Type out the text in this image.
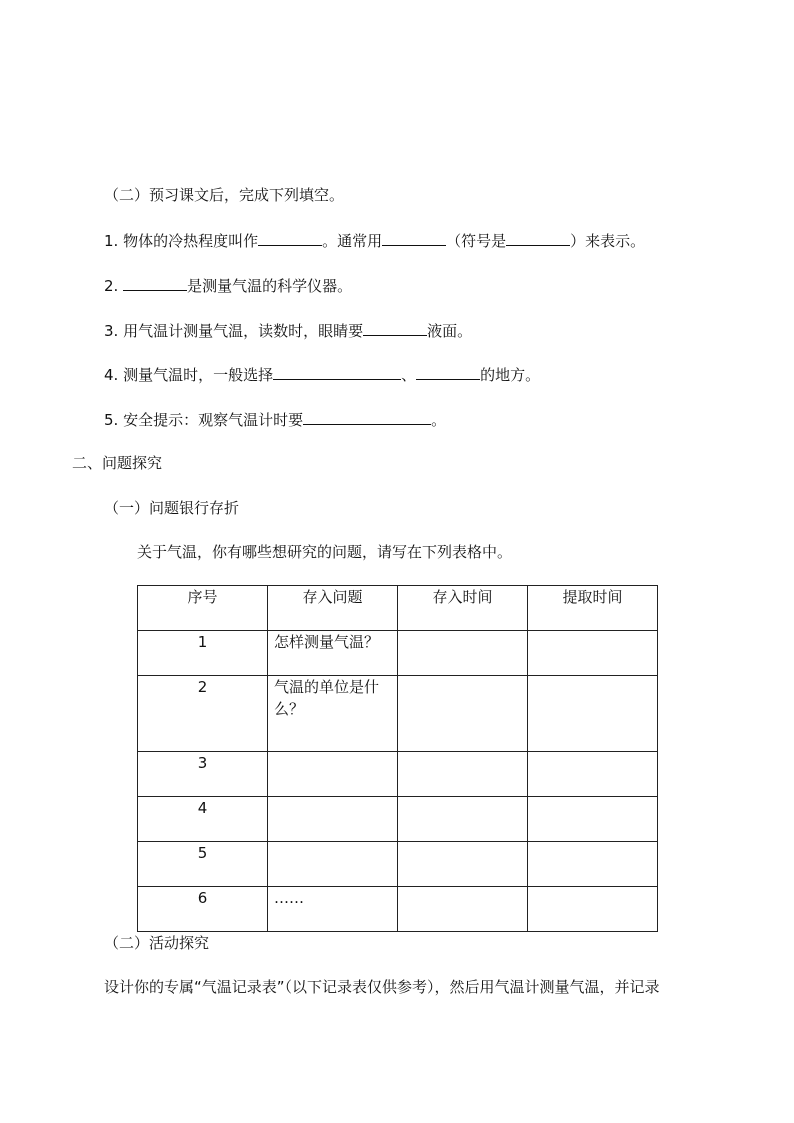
（二）预习课文后，完成下列填空。
1. 物体的冷热程度叫作	。通常用	（符号是	）来表示。
2.	是测量气温的科学仪器。
3. 用气温计测量气温，读数时，眼睛要	液面。
4. 测量气温时，一般选择	、	的地方。
5. 安全提示：观察气温计时要	。
二、问题探究
（一）问题银行存折
关于气温，你有哪些想研究的问题，请写在下列表格中。
序号	存入问题	存入时间	提取时间
1	怎样测量气温？		
2	气温的单位是什么？		

3			
4			
5			
6	……		
（二）活动探究
设计你的专属“气温记录表”（以下记录表仅供参考），然后用气温计测量气温，并记录
